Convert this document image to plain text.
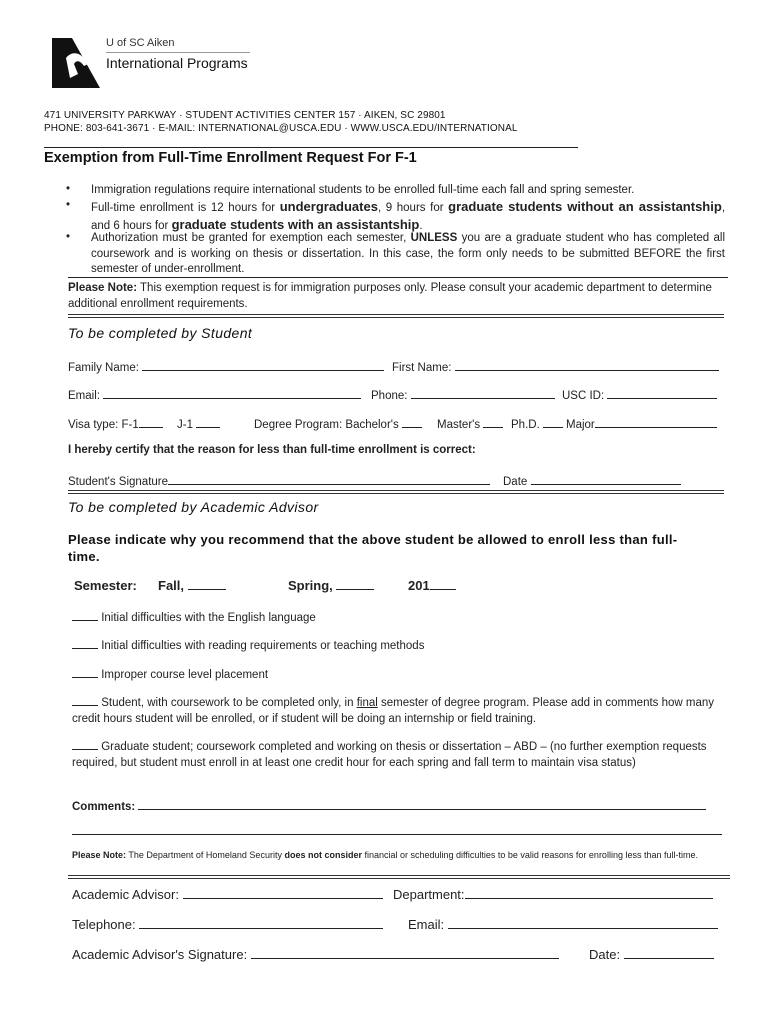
U of SC Aiken
International Programs
471 UNIVERSITY PARKWAY · STUDENT ACTIVITIES CENTER 157 · AIKEN, SC 29801
PHONE: 803-641-3671 · E-MAIL: INTERNATIONAL@USCA.EDU · WWW.USCA.EDU/INTERNATIONAL
Exemption from Full-Time Enrollment Request For F-1
• Immigration regulations require international students to be enrolled full-time each fall and spring semester.
• Full-time enrollment is 12 hours for undergraduates, 9 hours for graduate students without an assistantship, and 6 hours for graduate students with an assistantship.
• Authorization must be granted for exemption each semester, UNLESS you are a graduate student who has completed all coursework and is working on thesis or dissertation. In this case, the form only needs to be submitted BEFORE the first semester of under-enrollment.
Please Note: This exemption request is for immigration purposes only. Please consult your academic department to determine additional enrollment requirements.
To be completed by Student
Family Name:	First Name:
Email:	Phone:	USC ID:
Visa type: F-1	J-1	Degree Program: Bachelor's	Master's	Ph.D.	Major
I hereby certify that the reason for less than full-time enrollment is correct:
Student's Signature	Date
To be completed by Academic Advisor
Please indicate why you recommend that the above student be allowed to enroll less than full-time.
Semester: Fall,	Spring,	201
Initial difficulties with the English language
Initial difficulties with reading requirements or teaching methods
Improper course level placement
Student, with coursework to be completed only, in final semester of degree program. Please add in comments how many credit hours student will be enrolled, or if student will be doing an internship or field training.
Graduate student; coursework completed and working on thesis or dissertation – ABD – (no further exemption requests required, but student must enroll in at least one credit hour for each spring and fall term to maintain visa status)
Comments:
Please Note: The Department of Homeland Security does not consider financial or scheduling difficulties to be valid reasons for enrolling less than full-time.
Academic Advisor:	Department:
Telephone:	Email:
Academic Advisor's Signature:	Date:
